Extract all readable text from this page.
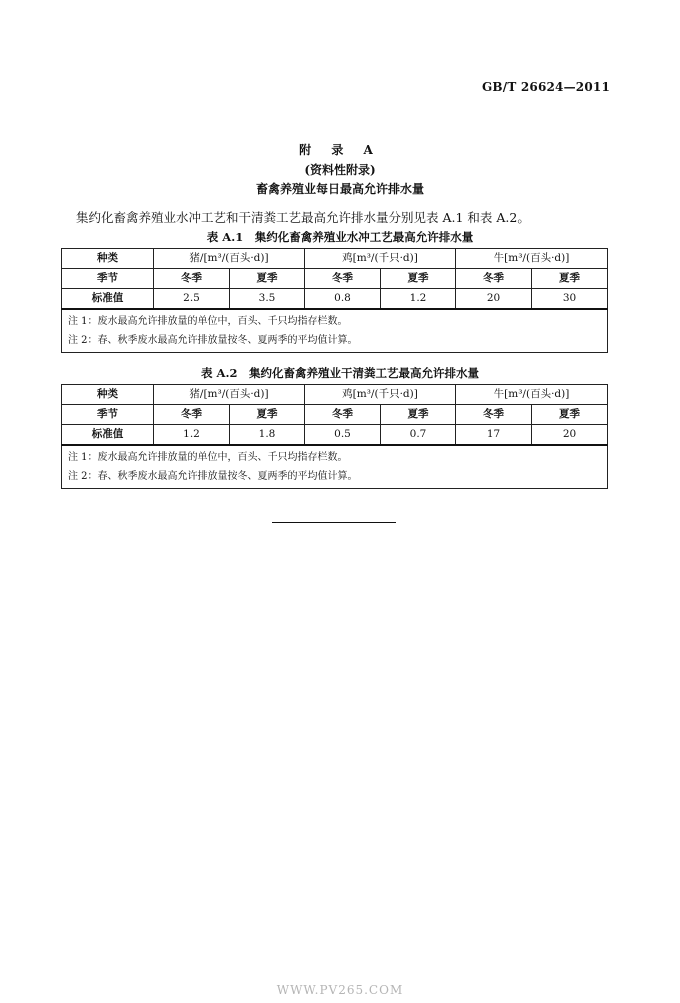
GB/T 26624—2011
附 录 A
(资料性附录)
畜禽养殖业每日最高允许排水量
集约化畜禽养殖业水冲工艺和干清粪工艺最高允许排水量分别见表 A.1 和表 A.2。
表 A.1　集约化畜禽养殖业水冲工艺最高允许排水量
种类	猪/[m³/(百头·d)]		鸡[m³/(千只·d)]		牛[m³/(百头·d)]	
季节	冬季	夏季	冬季	夏季	冬季	夏季
标准值	2.5	3.5	0.8	1.2	20	30

注 1：废水最高允许排放量的单位中，百头、千只均指存栏数。
注 2：春、秋季废水最高允许排放量按冬、夏两季的平均值计算。						
表 A.2　集约化畜禽养殖业干清粪工艺最高允许排水量
种类	猪/[m³/(百头·d)]		鸡[m³/(千只·d)]		牛[m³/(百头·d)]	
季节	冬季	夏季	冬季	夏季	冬季	夏季
标准值	1.2	1.8	0.5	0.7	17	20

注 1：废水最高允许排放量的单位中，百头、千只均指存栏数。
注 2：春、秋季废水最高允许排放量按冬、夏两季的平均值计算。						
WWW.PV265.COM
